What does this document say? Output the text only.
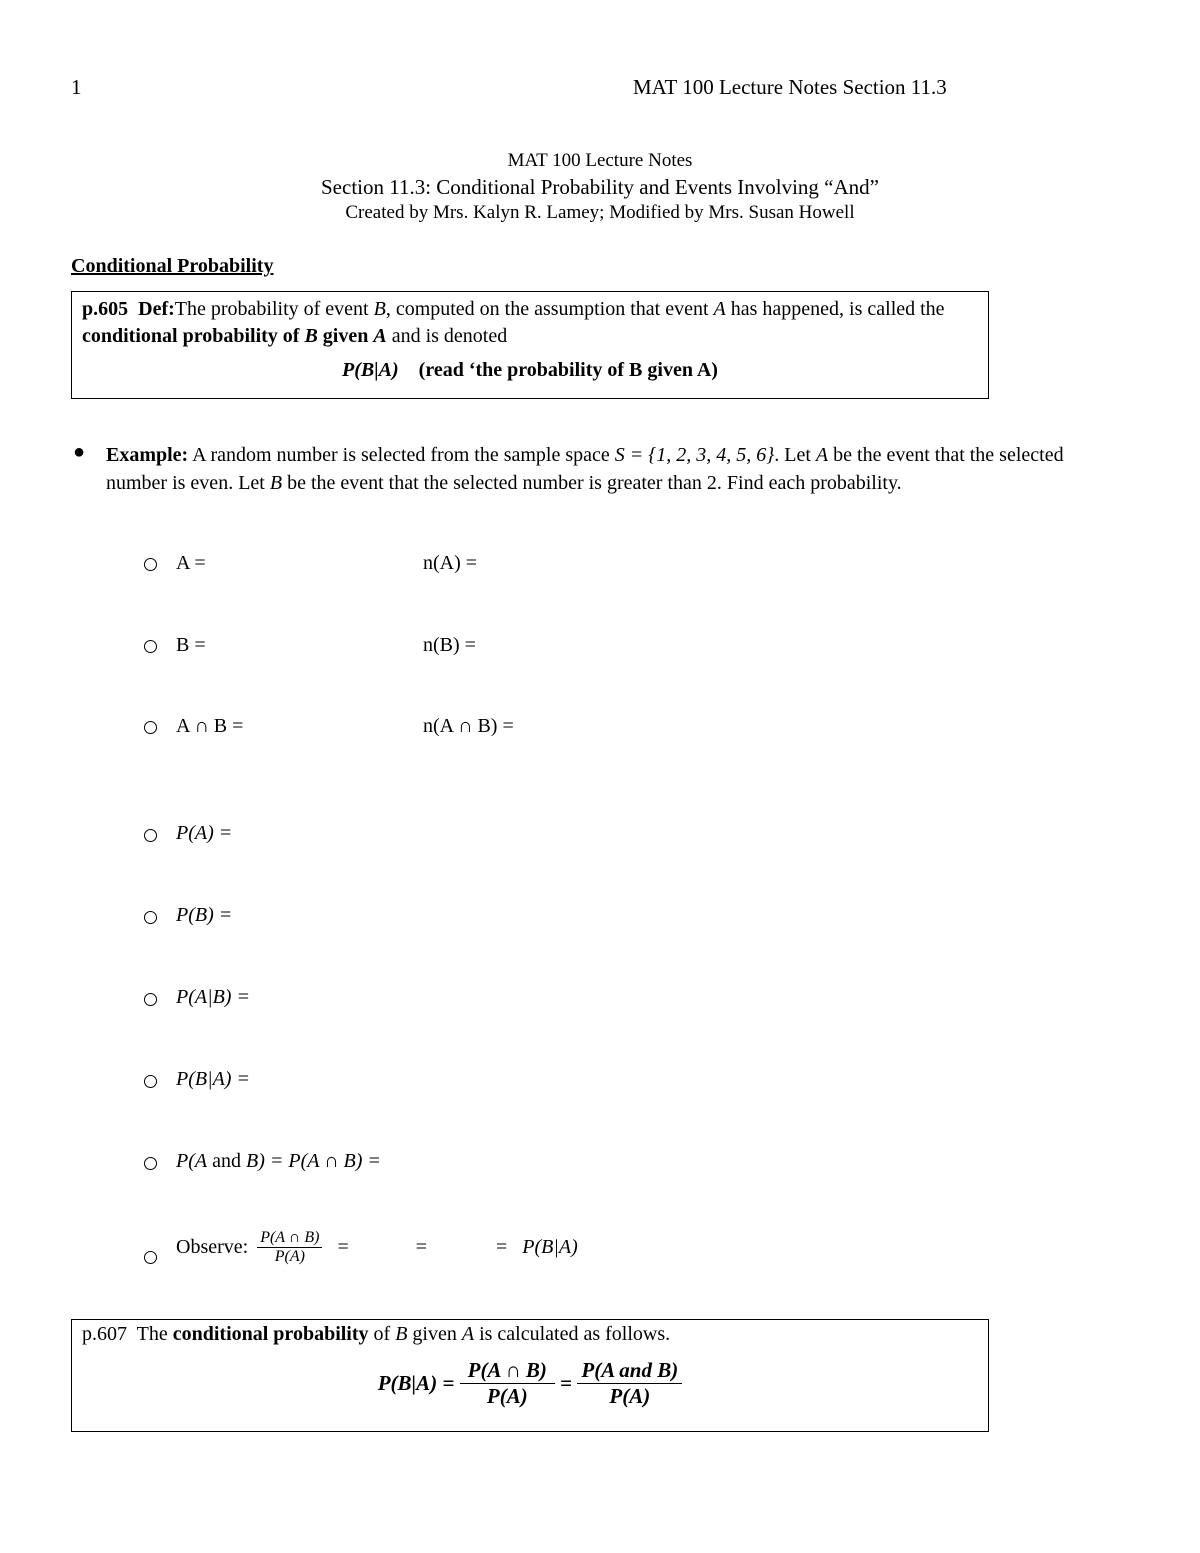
1	MAT 100 Lecture Notes Section 11.3
MAT 100 Lecture Notes
Section 11.3: Conditional Probability and Events Involving “And”
Created by Mrs. Kalyn R. Lamey; Modified by Mrs. Susan Howell
Conditional Probability
p.605 Def:The probability of event B, computed on the assumption that event A has happened, is called the conditional probability of B given A and is denoted
P(B|A) (read ‘the probability of B given A)
● Example: A random number is selected from the sample space S = {1, 2, 3, 4, 5, 6}. Let A be the event that the selected number is even. Let B be the event that the selected number is greater than 2. Find each probability.
A =	n(A) =
B =	n(B) =
A ∩ B =	n(A ∩ B) =
P(A) =
P(B) =
P(A|B) =
P(B|A) =
P(A and B) = P(A ∩ B) =
Observe: $\frac{P(A \cap B)}{P(A)}$ =	=	= P(B|A)
p.607 The conditional probability of B given A is calculated as follows.
$P(B|A) = \frac{P(A \cap B)}{P(A)} = \frac{\text{P(A and B)}}{P(A)}$
